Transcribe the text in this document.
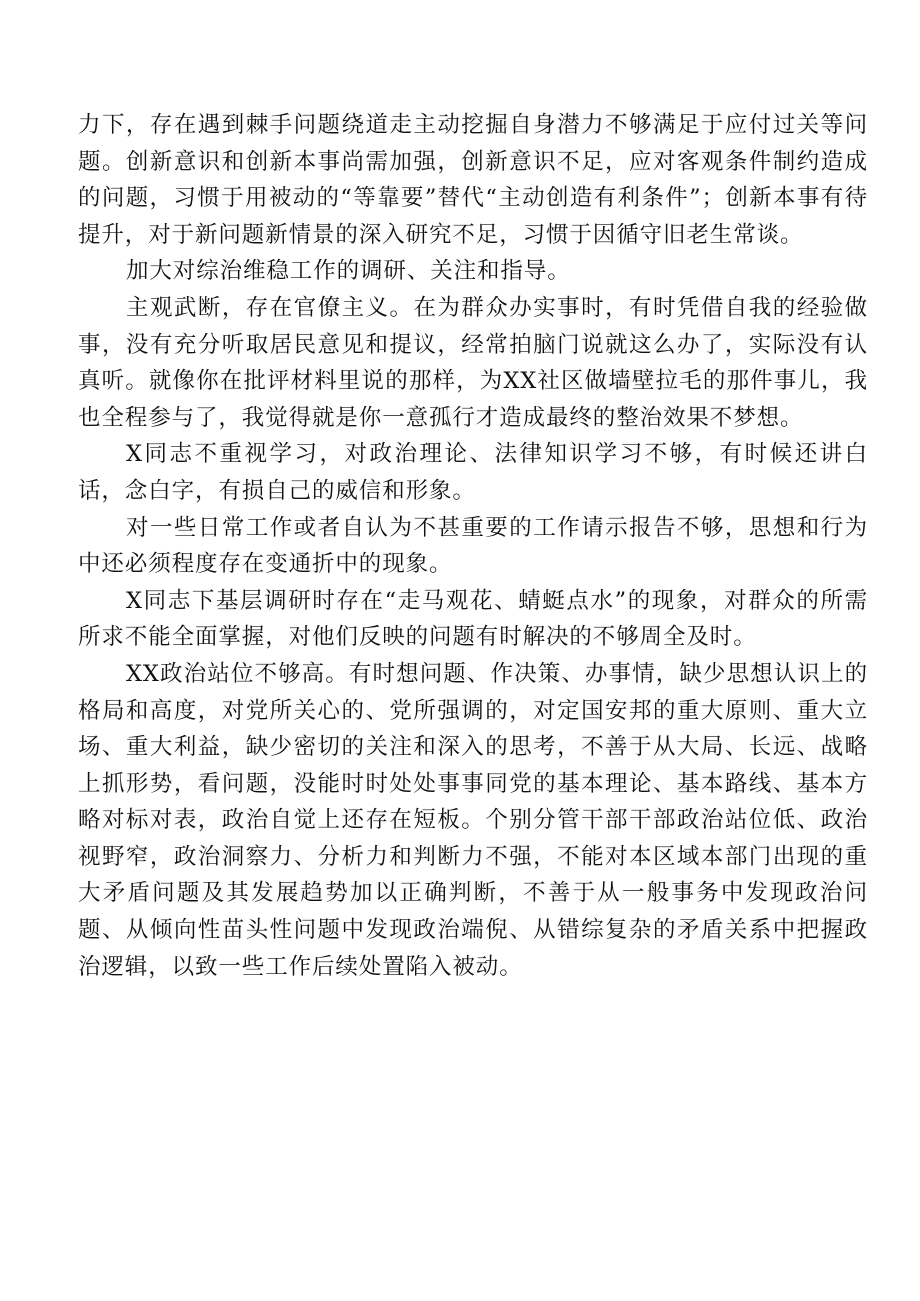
力下，存在遇到棘手问题绕道走主动挖掘自身潜力不够满足于应付过关等问题。创新意识和创新本事尚需加强，创新意识不足，应对客观条件制约造成的问题，习惯于用被动的“等靠要”替代“主动创造有利条件”；创新本事有待提升，对于新问题新情景的深入研究不足，习惯于因循守旧老生常谈。

加大对综治维稳工作的调研、关注和指导。

主观武断，存在官僚主义。在为群众办实事时，有时凭借自我的经验做事，没有充分听取居民意见和提议，经常拍脑门说就这么办了，实际没有认真听。就像你在批评材料里说的那样，为XX社区做墙壁拉毛的那件事儿，我也全程参与了，我觉得就是你一意孤行才造成最终的整治效果不梦想。

X同志不重视学习，对政治理论、法律知识学习不够，有时候还讲白话，念白字，有损自己的威信和形象。

对一些日常工作或者自认为不甚重要的工作请示报告不够，思想和行为中还必须程度存在变通折中的现象。

X同志下基层调研时存在“走马观花、蜻蜓点水”的现象，对群众的所需所求不能全面掌握，对他们反映的问题有时解决的不够周全及时。

XX政治站位不够高。有时想问题、作决策、办事情，缺少思想认识上的格局和高度，对党所关心的、党所强调的，对定国安邦的重大原则、重大立场、重大利益，缺少密切的关注和深入的思考，不善于从大局、长远、战略上抓形势，看问题，没能时时处处事事同党的基本理论、基本路线、基本方略对标对表，政治自觉上还存在短板。个别分管干部干部政治站位低、政治视野窄，政治洞察力、分析力和判断力不强，不能对本区域本部门出现的重大矛盾问题及其发展趋势加以正确判断，不善于从一般事务中发现政治问题、从倾向性苗头性问题中发现政治端倪、从错综复杂的矛盾关系中把握政治逻辑，以致一些工作后续处置陷入被动。
